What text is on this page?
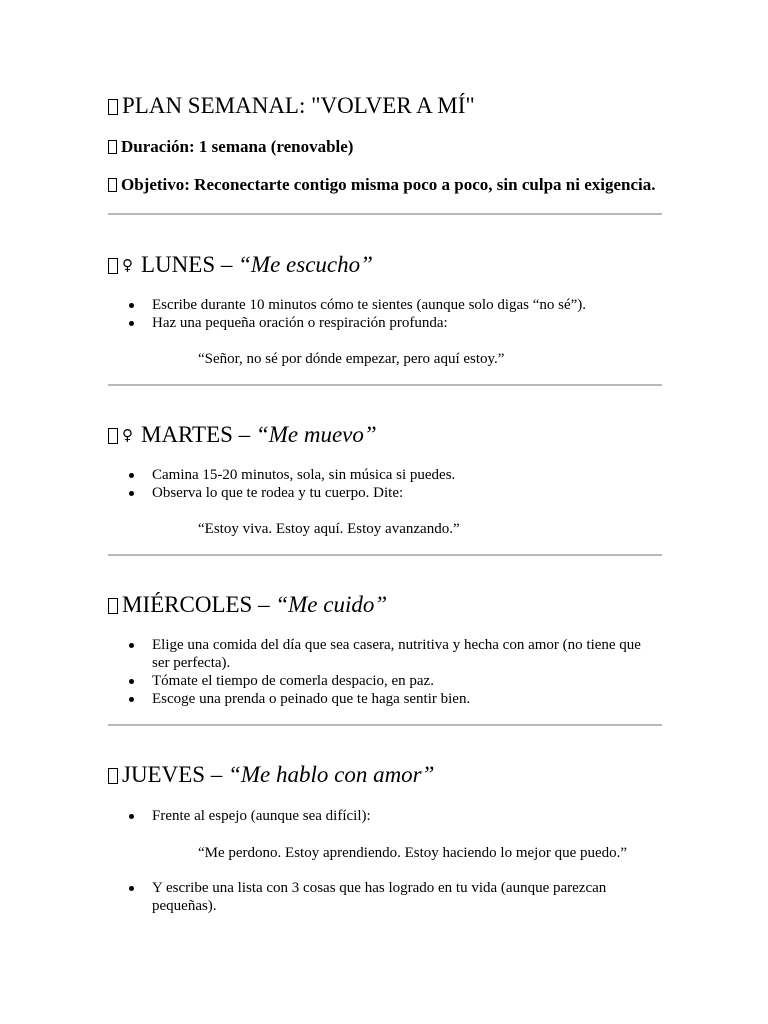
PLAN SEMANAL: "VOLVER A MÍ"

Duración: 1 semana (renovable)

Objetivo: Reconectarte contigo misma poco a poco, sin culpa ni exigencia.

♀ LUNES – “Me escucho”
Escribe durante 10 minutos cómo te sientes (aunque solo digas “no sé”).
Haz una pequeña oración o respiración profunda:

“Señor, no sé por dónde empezar, pero aquí estoy.”

♀ MARTES – “Me muevo”
Camina 15-20 minutos, sola, sin música si puedes.
Observa lo que te rodea y tu cuerpo. Dite:

“Estoy viva. Estoy aquí. Estoy avanzando.”

MIÉRCOLES – “Me cuido”
Elige una comida del día que sea casera, nutritiva y hecha con amor (no tiene que ser perfecta).
Tómate el tiempo de comerla despacio, en paz.
Escoge una prenda o peinado que te haga sentir bien.
JUEVES – “Me hablo con amor”
Frente al espejo (aunque sea difícil):

“Me perdono. Estoy aprendiendo. Estoy haciendo lo mejor que puedo.”

Y escribe una lista con 3 cosas que has logrado en tu vida (aunque parezcan pequeñas).
